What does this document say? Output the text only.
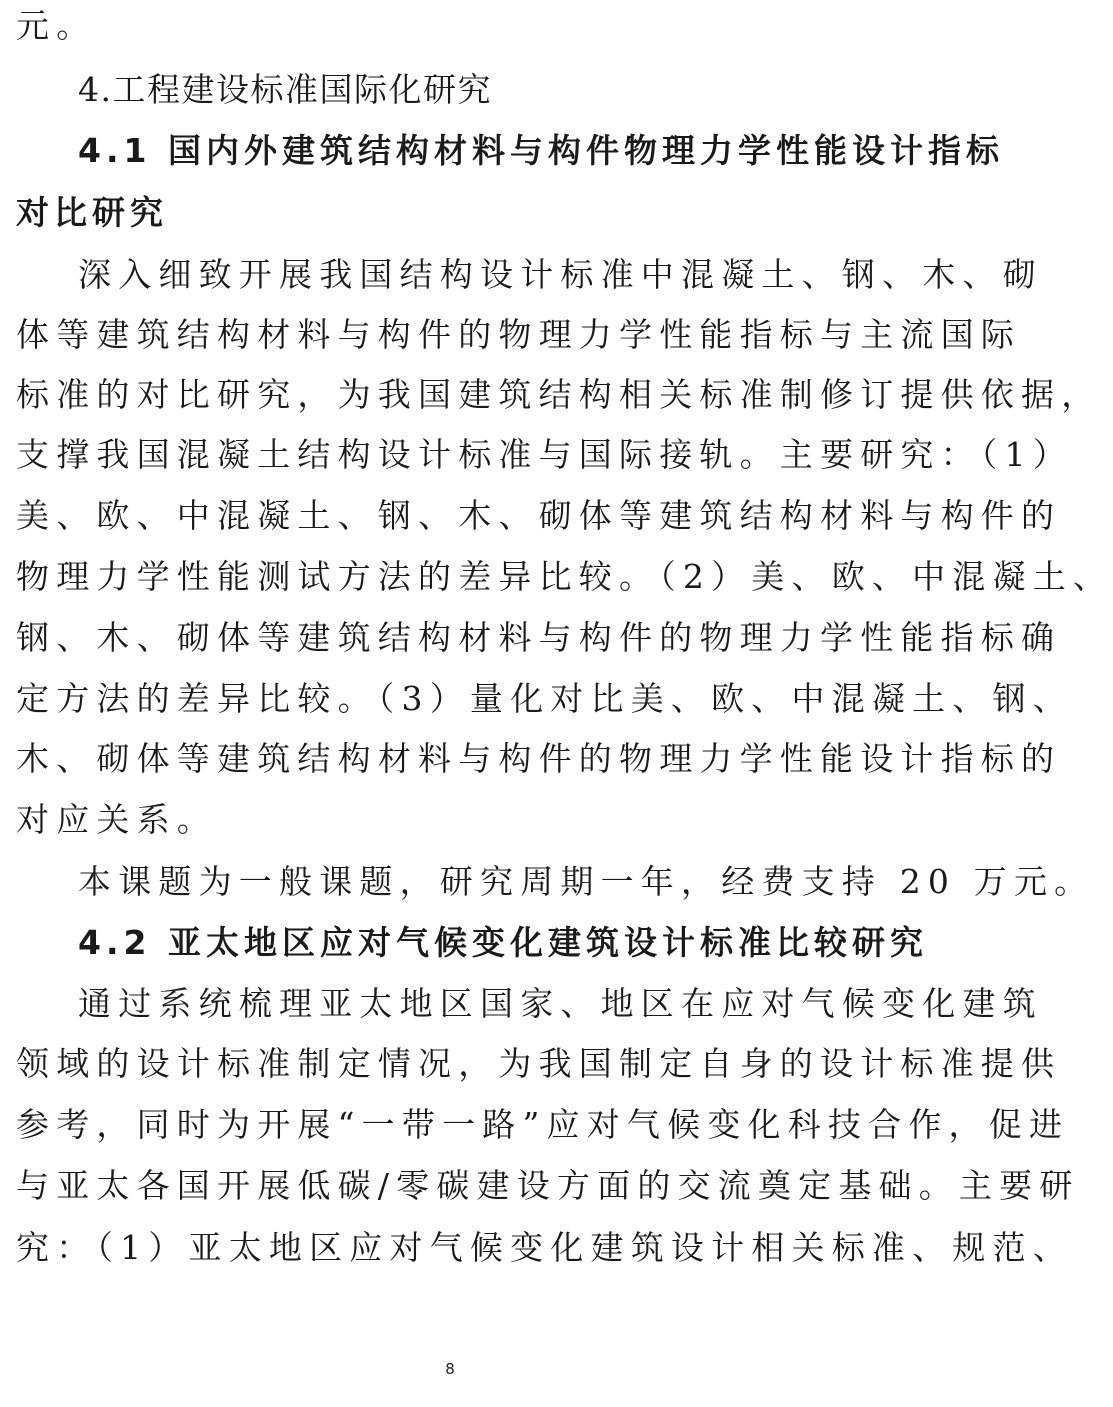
元。
4.工程建设标准国际化研究
4.1 国内外建筑结构材料与构件物理力学性能设计指标
对比研究
深入细致开展我国结构设计标准中混凝土、钢、木、砌
体等建筑结构材料与构件的物理力学性能指标与主流国际
标准的对比研究，为我国建筑结构相关标准制修订提供依据，
支撑我国混凝土结构设计标准与国际接轨。主要研究：（1）
美、欧、中混凝土、钢、木、砌体等建筑结构材料与构件的
物理力学性能测试方法的差异比较。（2）美、欧、中混凝土、
钢、木、砌体等建筑结构材料与构件的物理力学性能指标确
定方法的差异比较。（3）量化对比美、欧、中混凝土、钢、
木、砌体等建筑结构材料与构件的物理力学性能设计指标的
对应关系。
本课题为一般课题，研究周期一年，经费支持 20 万元。
4.2 亚太地区应对气候变化建筑设计标准比较研究
通过系统梳理亚太地区国家、地区在应对气候变化建筑
领域的设计标准制定情况，为我国制定自身的设计标准提供
参考，同时为开展“一带一路”应对气候变化科技合作，促进
与亚太各国开展低碳/零碳建设方面的交流奠定基础。主要研
究：（1）亚太地区应对气候变化建筑设计相关标准、规范、
8
